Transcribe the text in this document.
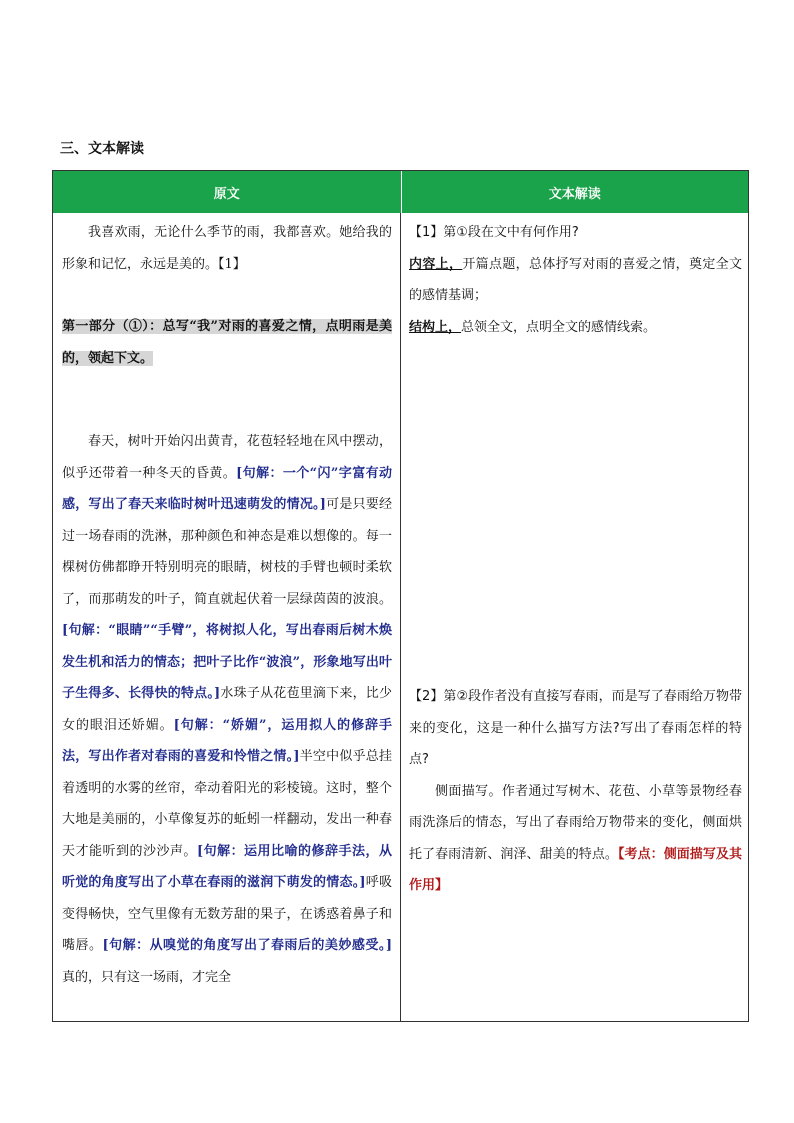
三、文本解读
原文	文本解读

我喜欢雨，无论什么季节的雨，我都喜欢。她给我的形象和记忆，永远是美的。【1】

第一部分（①）：总写“我”对雨的喜爱之情，点明雨是美的，领起下文。

春天，树叶开始闪出黄青，花苞轻轻地在风中摆动，似乎还带着一种冬天的昏黄。[句解：一个“闪”字富有动感，写出了春天来临时树叶迅速萌发的情况。]可是只要经过一场春雨的洗淋，那种颜色和神态是难以想像的。每一棵树仿佛都睁开特别明亮的眼睛，树枝的手臂也顿时柔软了，而那萌发的叶子，简直就起伏着一层绿茵茵的波浪。[句解：“眼睛”“手臂”，将树拟人化，写出春雨后树木焕发生机和活力的情态；把叶子比作“波浪”，形象地写出叶子生得多、长得快的特点。]水珠子从花苞里滴下来，比少女的眼泪还娇媚。[句解：“娇媚”，运用拟人的修辞手法，写出作者对春雨的喜爱和怜惜之情。]半空中似乎总挂着透明的水雾的丝帘，牵动着阳光的彩棱镜。这时，整个大地是美丽的，小草像复苏的蚯蚓一样翻动，发出一种春天才能听到的沙沙声。[句解：运用比喻的修辞手法，从听觉的角度写出了小草在春雨的滋润下萌发的情态。]呼吸变得畅快，空气里像有无数芳甜的果子，在诱惑着鼻子和嘴唇。[句解：从嗅觉的角度写出了春雨后的美妙感受。]真的，只有这一场雨，才完全

【1】第①段在文中有何作用?

内容上，开篇点题，总体抒写对雨的喜爱之情，奠定全文的感情基调；

结构上，总领全文，点明全文的感情线索。

【2】第②段作者没有直接写春雨，而是写了春雨给万物带来的变化，这是一种什么描写方法?写出了春雨怎样的特点?

侧面描写。作者通过写树木、花苞、小草等景物经春雨洗涤后的情态，写出了春雨给万物带来的变化，侧面烘托了春雨清新、润泽、甜美的特点。【考点：侧面描写及其作用】
